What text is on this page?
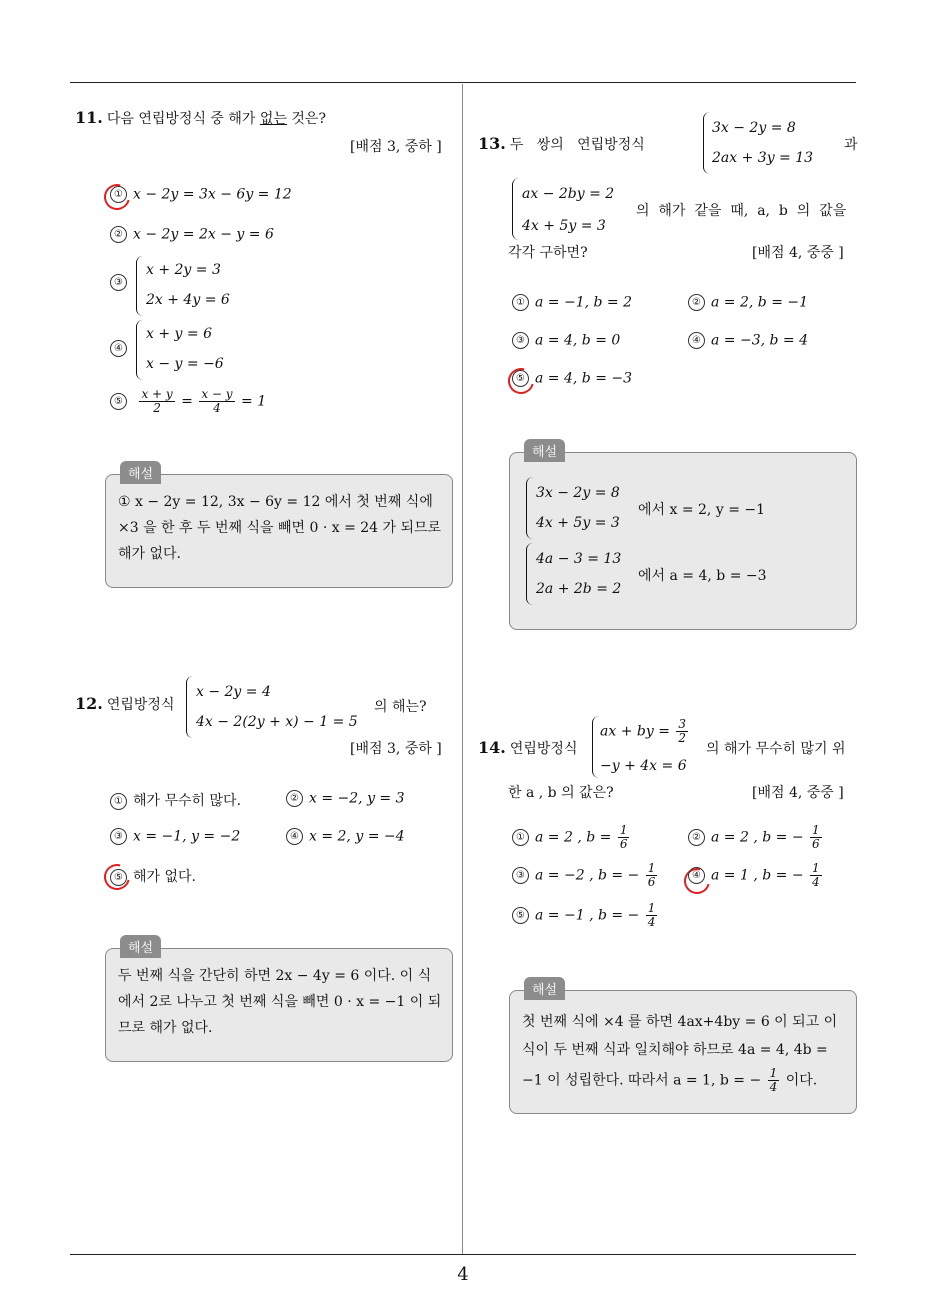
4
11. 다음 연립방정식 중 해가 없는 것은?
[배점 3, 중하 ]
① x − 2y = 3x − 6y = 12
② x − 2y = 2x − y = 6
③
x + 2y = 3
2x + 4y = 6
④
x + y = 6
x − y = −6
⑤ $\frac{x + y}{2} = \frac{x - y}{4} = 1$
해설
① x − 2y = 12, 3x − 6y = 12 에서 첫 번째 식에 ×3 을 한 후 두 번째 식을 빼면 0 · x = 24 가 되므로 해가 없다.
12. 연립방정식
x − 2y = 4
4x − 2(2y + x) − 1 = 5
의 해는?
[배점 3, 중하 ]
① 해가 무수히 많다.	② x = −2, y = 3
③ x = −1, y = −2	④ x = 2, y = −4
⑤ 해가 없다.
해설
두 번째 식을 간단히 하면 2x − 4y = 6 이다. 이 식에서 2로 나누고 첫 번째 식을 빼면 0 · x = −1 이 되므로 해가 없다.
13. 두   쌍의   연립방정식
3x − 2y = 8
2ax + 3y = 13
과
ax − 2by = 2
4x + 5y = 3
의  해가  같을  때,  a,  b  의  값을
각각 구하면?	[배점 4, 중중 ]
① a = −1, b = 2	② a = 2, b = −1
③ a = 4, b = 0	④ a = −3, b = 4
⑤ a = 4, b = −3
해설
3x − 2y = 8
4x + 5y = 3
에서 x = 2, y = −1
4a − 3 = 13
2a + 2b = 2
에서 a = 4, b = −3
14. 연립방정식
ax + by = $\frac{3}{2}$
−y + 4x = 6
의 해가 무수히 많기 위
한 a , b 의 값은?	[배점 4, 중중 ]
① a = 2 , $b = \frac{1}{6}$	② a = 2 , b = − $\frac{1}{6}$
③ a = −2 , b = − $\frac{1}{6}$	④ a = 1 , b = − $\frac{1}{4}$
⑤ a = −1 , b = − $\frac{1}{4}$
해설
첫 번째 식에 ×4 를 하면 4ax+4by = 6 이 되고 이
식이 두 번째 식과 일치해야 하므로 4a = 4, 4b =
−1 이 성립한다. 따라서 a = 1, b = − $\frac{1}{4}$ 이다.
